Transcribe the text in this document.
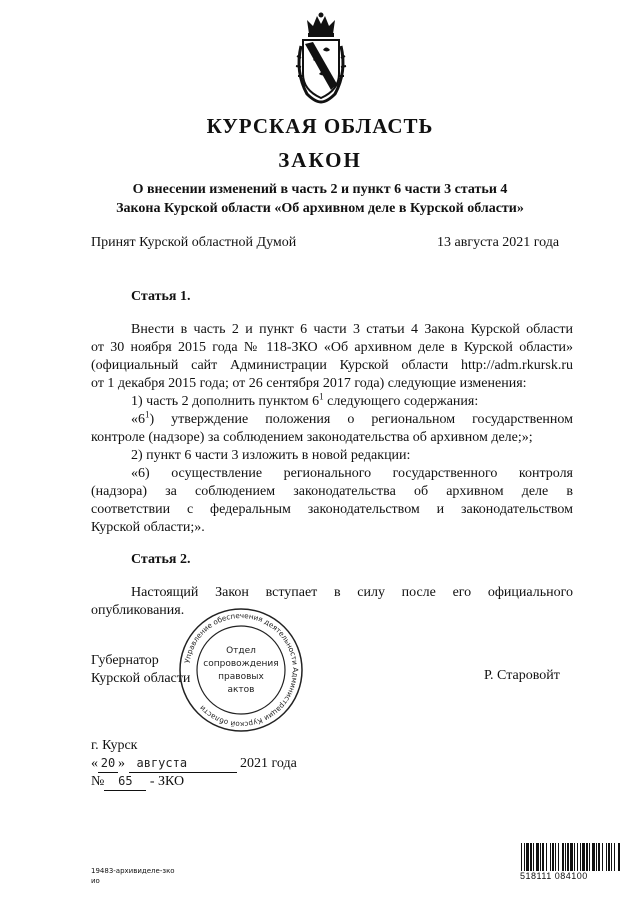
КУРСКАЯ ОБЛАСТЬ
ЗАКОН
О внесении изменений в часть 2 и пункт 6 части 3 статьи 4
Закона Курской области «Об архивном деле в Курской области»
Принят Курской областной Думой	13 августа 2021 года
Статья 1.
Внести в часть 2 и пункт 6 части 3 статьи 4 Закона Курской области
от 30 ноября 2015 года № 118-ЗКО «Об архивном деле в Курской области»
(официальный сайт Администрации Курской области http://adm.rkursk.ru
от 1 декабря 2015 года; от 26 сентября 2017 года) следующие изменения:
1) часть 2 дополнить пунктом $6^1$ следующего содержания:
«$6^1$) утверждение положения о региональном государственном
контроле (надзоре) за соблюдением законодательства об архивном деле;»;
2) пункт 6 части 3 изложить в новой редакции:
«6) осуществление регионального государственного контроля
(надзора) за соблюдением законодательства об архивном деле в
соответствии с федеральным законодательством и законодательством
Курской области;».
Статья 2.
Настоящий Закон вступает в силу после его официального
опубликования.
Губернатор
Курской области	Р. Старовойт
Управление обеспечения деятельности Администрации Курской области
Отдел
сопровождения
правовых
актов
г. Курск
« 20 » августа	2021 года
№ 65 - ЗКО
19483-архивиделе-зко
ио	518111 084100
